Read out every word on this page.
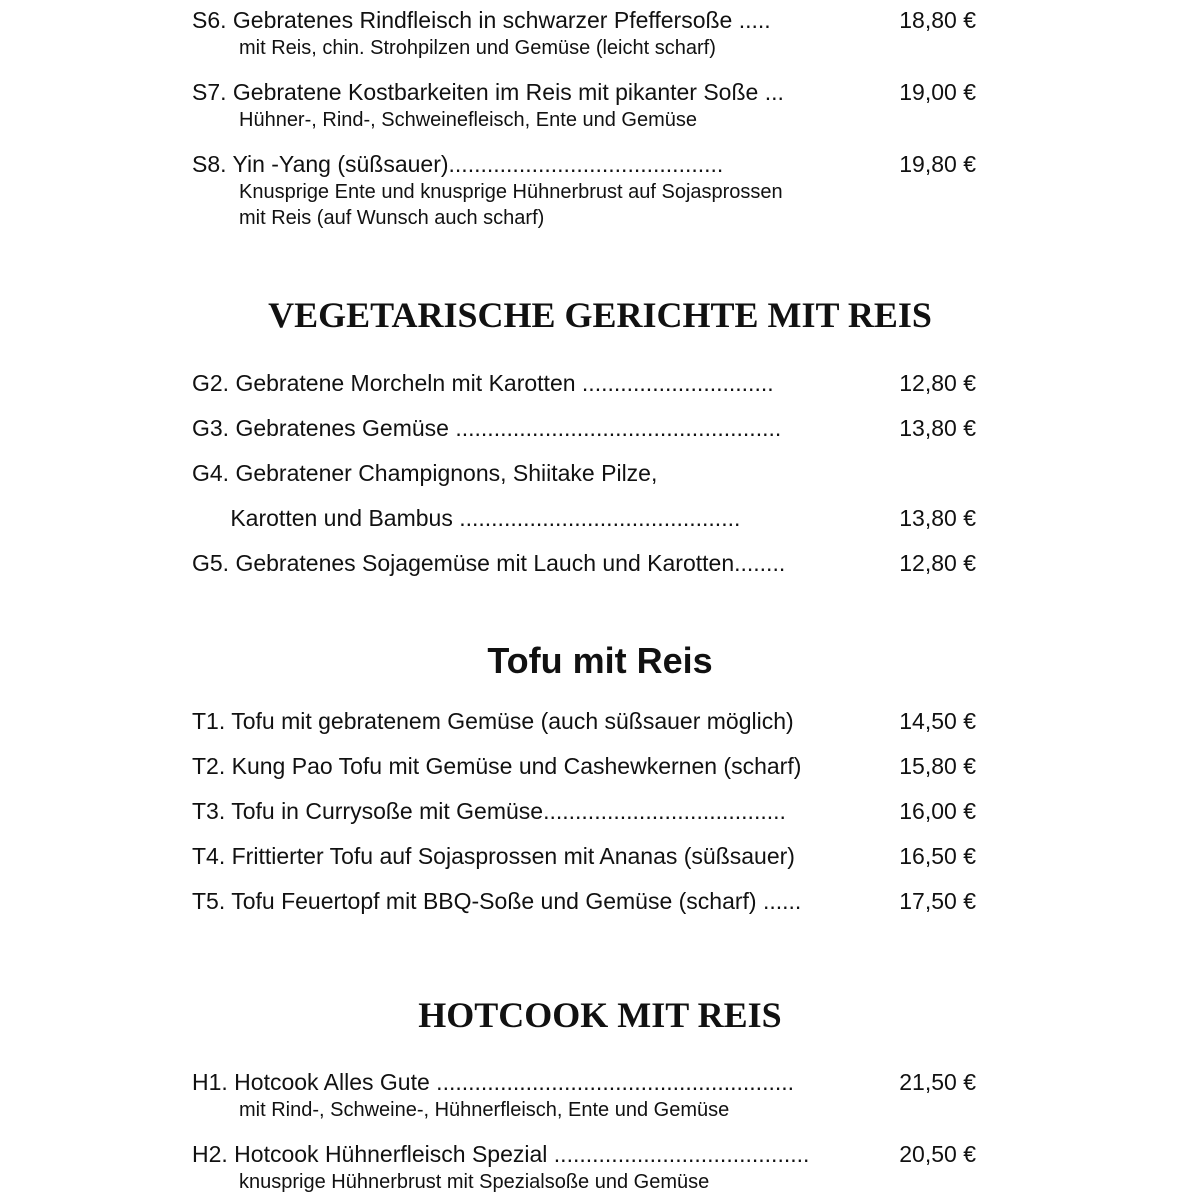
S6. Gebratenes Rindfleisch in schwarzer Pfeffersoße .....	18,80 €
mit Reis, chin. Strohpilzen und Gemüse (leicht scharf)
S7. Gebratene Kostbarkeiten im Reis mit pikanter Soße ...	19,00 €
Hühner-, Rind-, Schweinefleisch, Ente und Gemüse
S8. Yin -Yang (süßsauer)...........................................	19,80 €
Knusprige Ente und knusprige Hühnerbrust auf Sojasprossen
mit Reis (auf Wunsch auch scharf)
VEGETARISCHE GERICHTE MIT REIS
G2. Gebratene Morcheln mit Karotten ..............................	12,80 €
G3. Gebratenes Gemüse ...................................................	13,80 €
G4. Gebratener Champignons, Shiitake Pilze,
Karotten und Bambus ............................................	13,80 €
G5. Gebratenes Sojagemüse mit Lauch und Karotten........	12,80 €
Tofu mit Reis
T1. Tofu mit gebratenem Gemüse (auch süßsauer möglich)	14,50 €
T2. Kung Pao Tofu mit Gemüse und Cashewkernen (scharf)	15,80 €
T3. Tofu in Currysoße mit Gemüse......................................	16,00 €
T4. Frittierter Tofu auf Sojasprossen mit Ananas (süßsauer)	16,50 €
T5. Tofu Feuertopf mit BBQ-Soße und Gemüse (scharf) ......	17,50 €
HOTCOOK MIT REIS
H1. Hotcook Alles Gute ........................................................	21,50 €
mit Rind-, Schweine-, Hühnerfleisch, Ente und Gemüse
H2. Hotcook Hühnerfleisch Spezial ........................................	20,50 €
knusprige Hühnerbrust mit Spezialsoße und Gemüse
